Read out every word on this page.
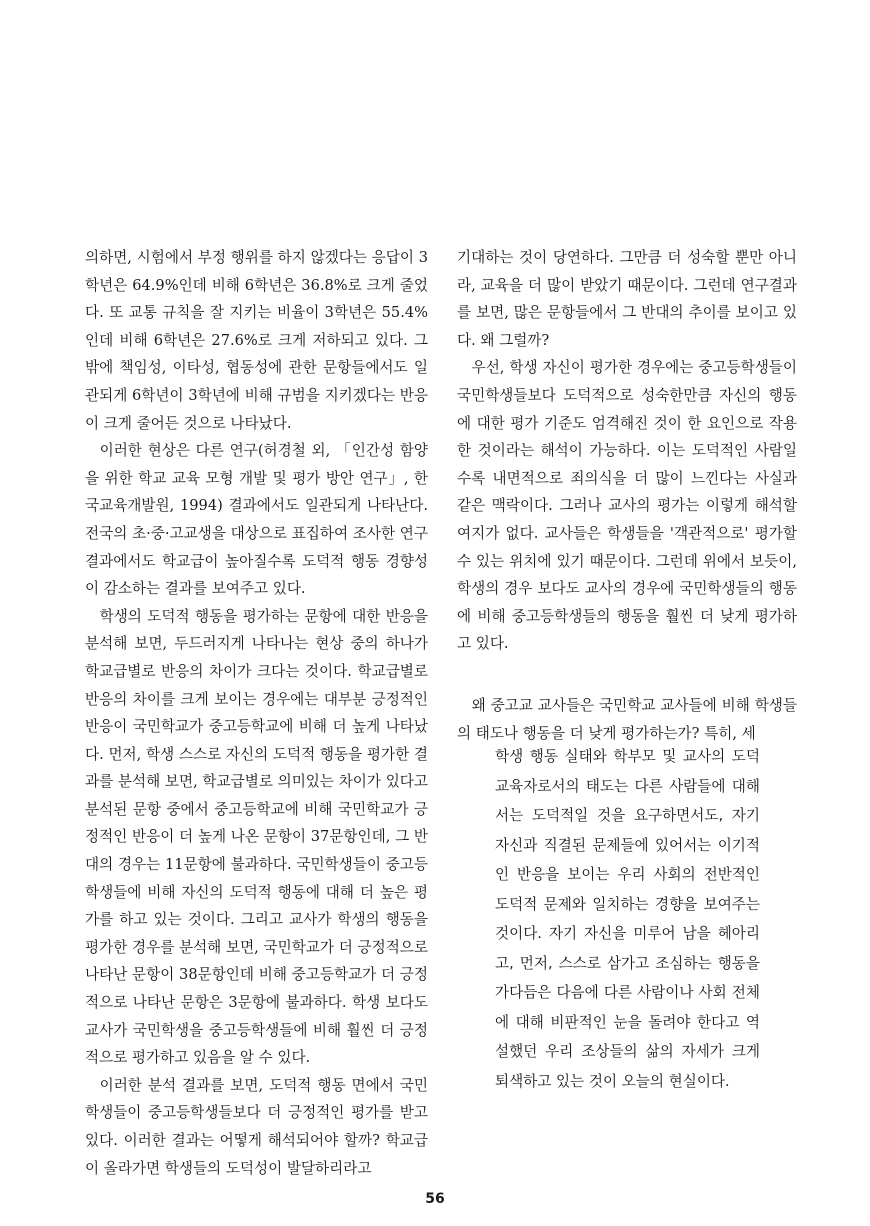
의하면, 시험에서 부정 행위를 하지 않겠다는 응답이 3학년은 64.9%인데 비해 6학년은 36.8%로 크게 줄었다. 또 교통 규칙을 잘 지키는 비율이 3학년은 55.4%인데 비해 6학년은 27.6%로 크게 저하되고 있다. 그 밖에 책임성, 이타성, 협동성에 관한 문항들에서도 일관되게 6학년이 3학년에 비해 규범을 지키겠다는 반응이 크게 줄어든 것으로 나타났다.

이러한 현상은 다른 연구(허경철 외, 「인간성 함양을 위한 학교 교육 모형 개발 및 평가 방안 연구」, 한국교육개발원, 1994) 결과에서도 일관되게 나타난다. 전국의 초·중·고교생을 대상으로 표집하여 조사한 연구 결과에서도 학교급이 높아질수록 도덕적 행동 경향성이 감소하는 결과를 보여주고 있다.

학생의 도덕적 행동을 평가하는 문항에 대한 반응을 분석해 보면, 두드러지게 나타나는 현상 중의 하나가 학교급별로 반응의 차이가 크다는 것이다. 학교급별로 반응의 차이를 크게 보이는 경우에는 대부분 긍정적인 반응이 국민학교가 중고등학교에 비해 더 높게 나타났다. 먼저, 학생 스스로 자신의 도덕적 행동을 평가한 결과를 분석해 보면, 학교급별로 의미있는 차이가 있다고 분석된 문항 중에서 중고등학교에 비해 국민학교가 긍정적인 반응이 더 높게 나온 문항이 37문항인데, 그 반대의 경우는 11문항에 불과하다. 국민학생들이 중고등학생들에 비해 자신의 도덕적 행동에 대해 더 높은 평가를 하고 있는 것이다. 그리고 교사가 학생의 행동을 평가한 경우를 분석해 보면, 국민학교가 더 긍정적으로 나타난 문항이 38문항인데 비해 중고등학교가 더 긍정적으로 나타난 문항은 3문항에 불과하다. 학생 보다도 교사가 국민학생을 중고등학생들에 비해 훨씬 더 긍정적으로 평가하고 있음을 알 수 있다.

이러한 분석 결과를 보면, 도덕적 행동 면에서 국민학생들이 중고등학생들보다 더 긍정적인 평가를 받고 있다. 이러한 결과는 어떻게 해석되어야 할까? 학교급이 올라가면 학생들의 도덕성이 발달하리라고

기대하는 것이 당연하다. 그만큼 더 성숙할 뿐만 아니라, 교육을 더 많이 받았기 때문이다. 그런데 연구결과를 보면, 많은 문항들에서 그 반대의 추이를 보이고 있다. 왜 그럴까?

우선, 학생 자신이 평가한 경우에는 중고등학생들이 국민학생들보다 도덕적으로 성숙한만큼 자신의 행동에 대한 평가 기준도 엄격해진 것이 한 요인으로 작용한 것이라는 해석이 가능하다. 이는 도덕적인 사람일수록 내면적으로 죄의식을 더 많이 느낀다는 사실과 같은 맥락이다. 그러나 교사의 평가는 이렇게 해석할 여지가 없다. 교사들은 학생들을 '객관적으로' 평가할 수 있는 위치에 있기 때문이다. 그런데 위에서 보듯이, 학생의 경우 보다도 교사의 경우에 국민학생들의 행동에 비해 중고등학생들의 행동을 훨씬 더 낮게 평가하고 있다.

왜 중고교 교사들은 국민학교 교사들에 비해 학생들의 태도나 행동을 더 낮게 평가하는가? 특히, 세

학생 행동 실태와 학부모 및 교사의 도덕교육자로서의 태도는 다른 사람들에 대해서는 도덕적일 것을 요구하면서도, 자기 자신과 직결된 문제들에 있어서는 이기적인 반응을 보이는 우리 사회의 전반적인 도덕적 문제와 일치하는 경향을 보여주는 것이다. 자기 자신을 미루어 남을 헤아리고, 먼저, 스스로 삼가고 조심하는 행동을 가다듬은 다음에 다른 사람이나 사회 전체에 대해 비판적인 눈을 돌려야 한다고 역설했던 우리 조상들의 삶의 자세가 크게 퇴색하고 있는 것이 오늘의 현실이다.

56
